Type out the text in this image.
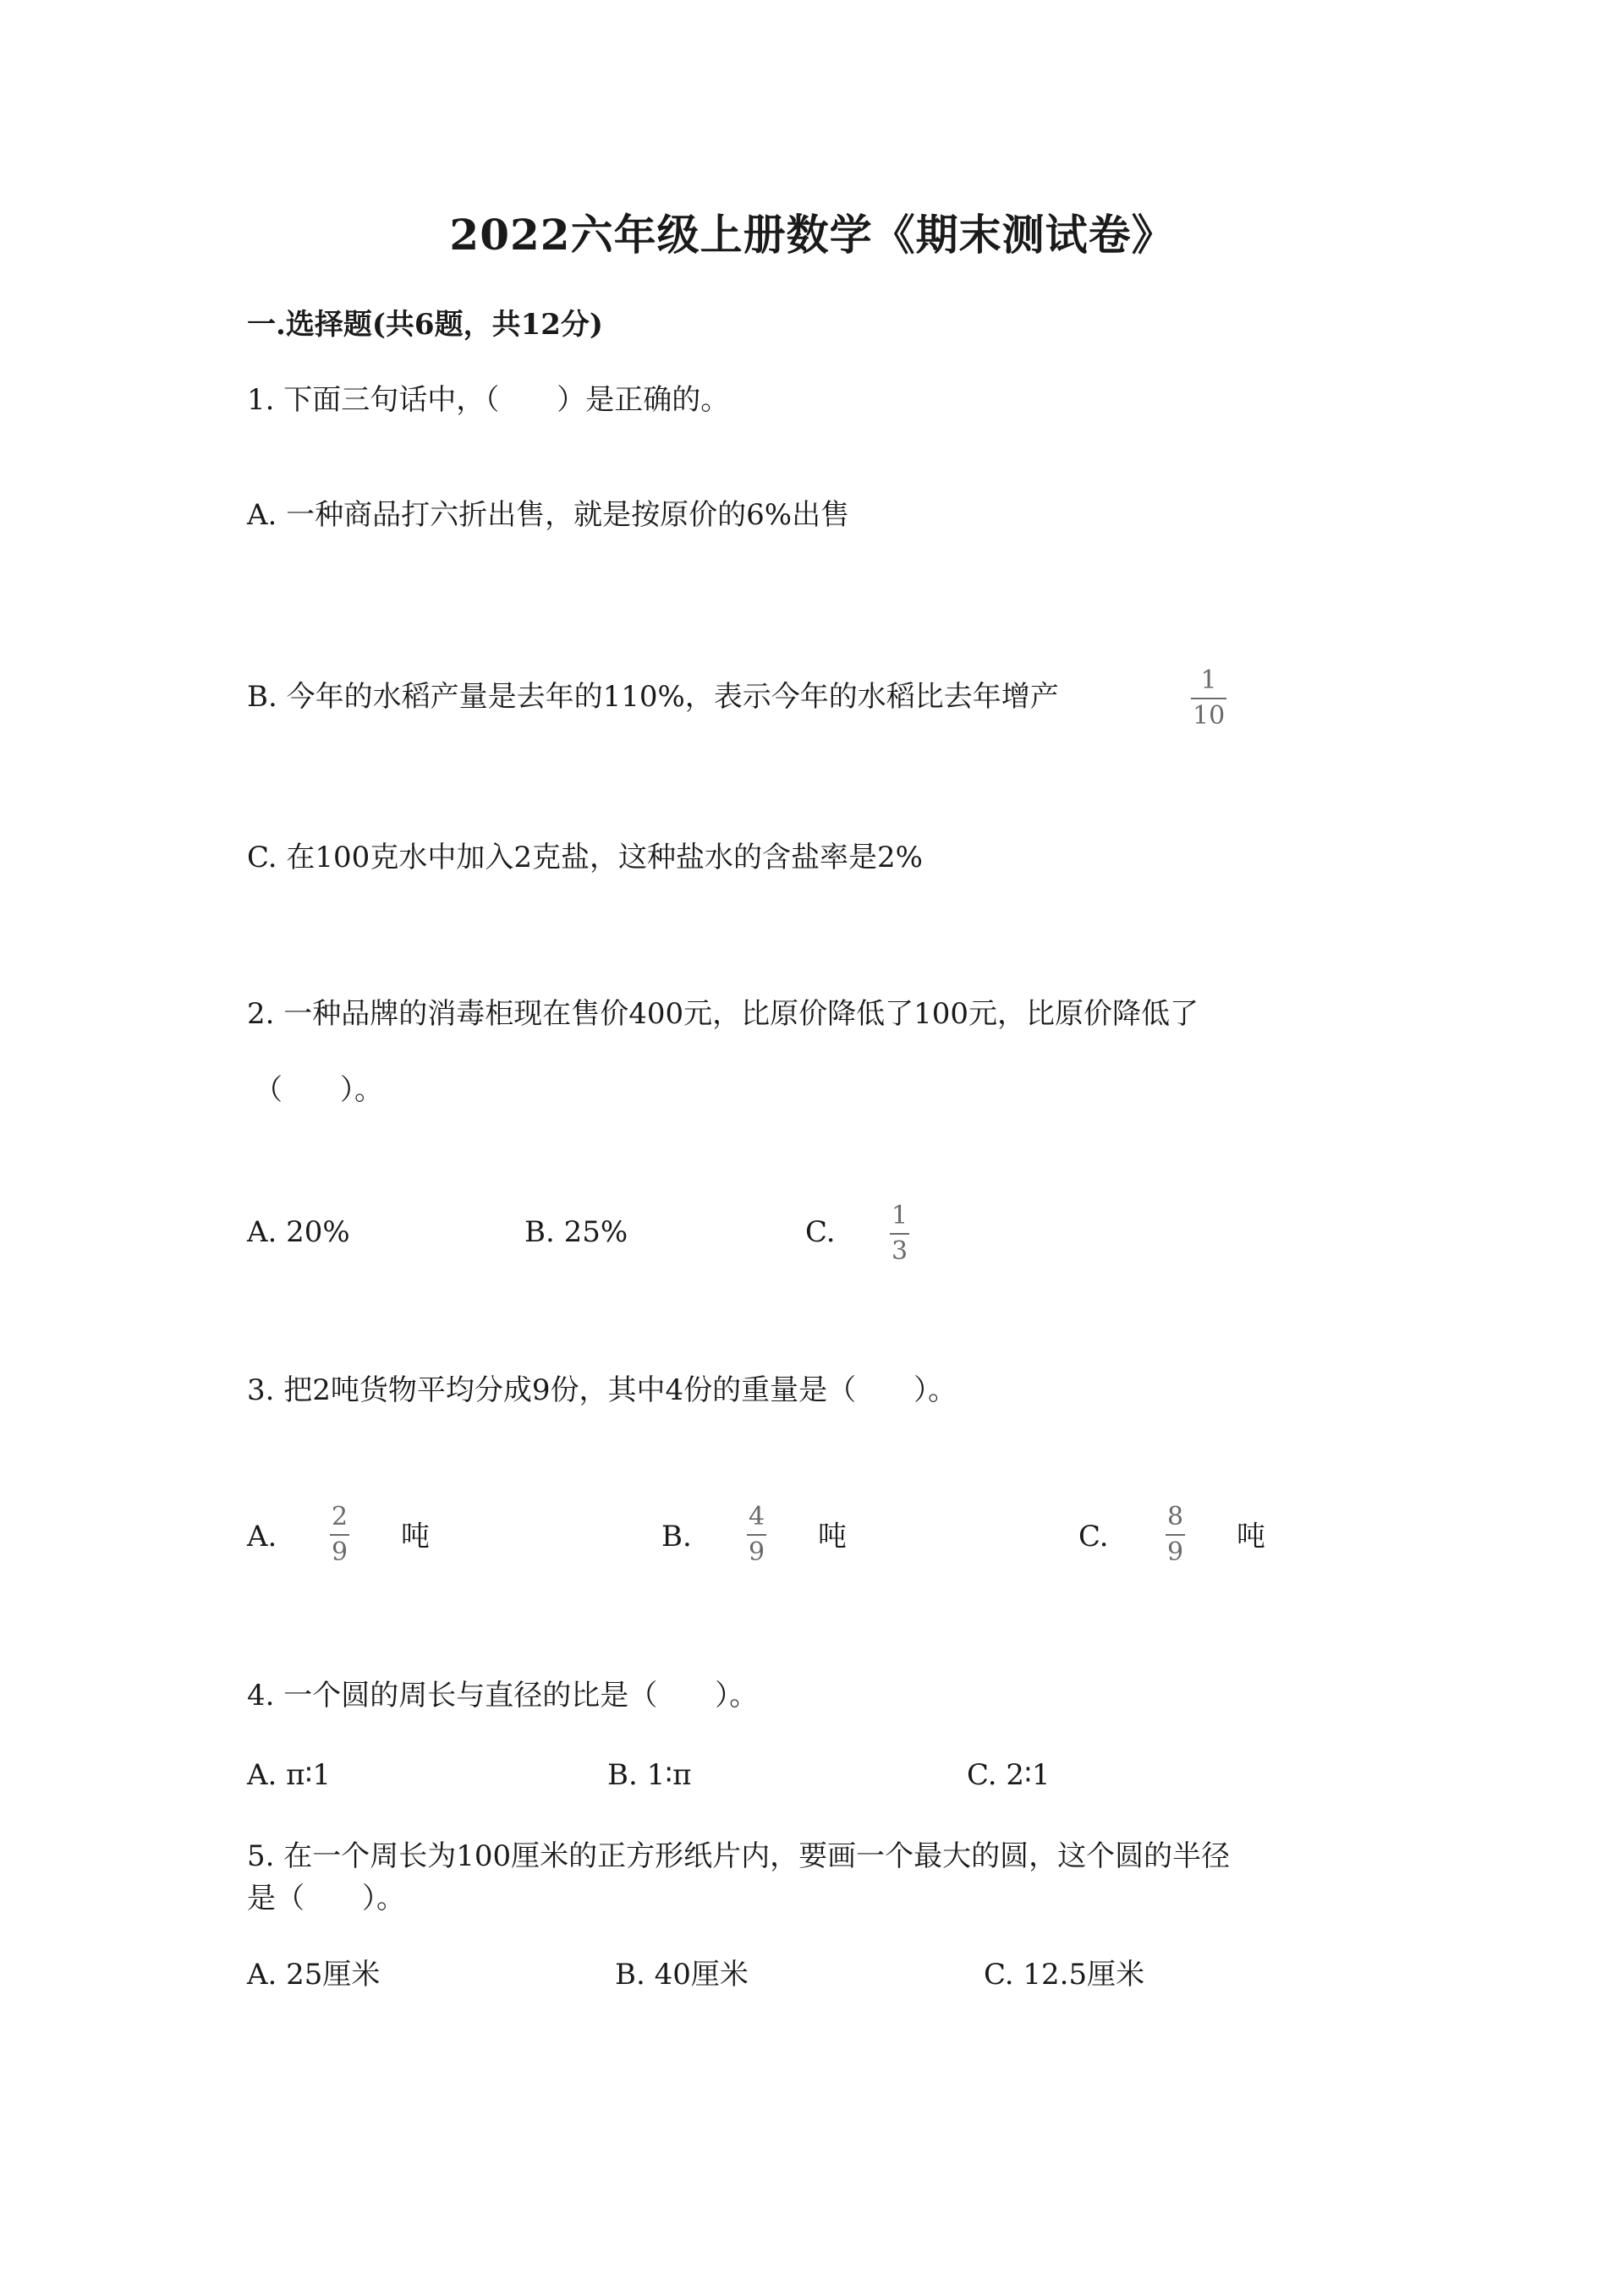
2022六年级上册数学《期末测试卷》
一.选择题(共6题，共12分)
1. 下面三句话中，（　　）是正确的。
A. 一种商品打六折出售，就是按原价的6%出售
B. 今年的水稻产量是去年的110%，表示今年的水稻比去年增产	1
10
C. 在100克水中加入2克盐，这种盐水的含盐率是2%
2. 一种品牌的消毒柜现在售价400元，比原价降低了100元，比原价降低了
（　　）。
A. 20%	B. 25%	C. 1
3
3. 把2吨货物平均分成9份，其中4份的重量是（　　）。
A.
2
9 吨	B.
4
9 吨	C.
8
9 吨
4. 一个圆的周长与直径的比是（　　）。
A. π∶1	B. 1∶π	C. 2∶1
5. 在一个周长为100厘米的正方形纸片内，要画一个最大的圆，这个圆的半径
是（　　）。
A. 25厘米	B. 40厘米	C. 12.5厘米
